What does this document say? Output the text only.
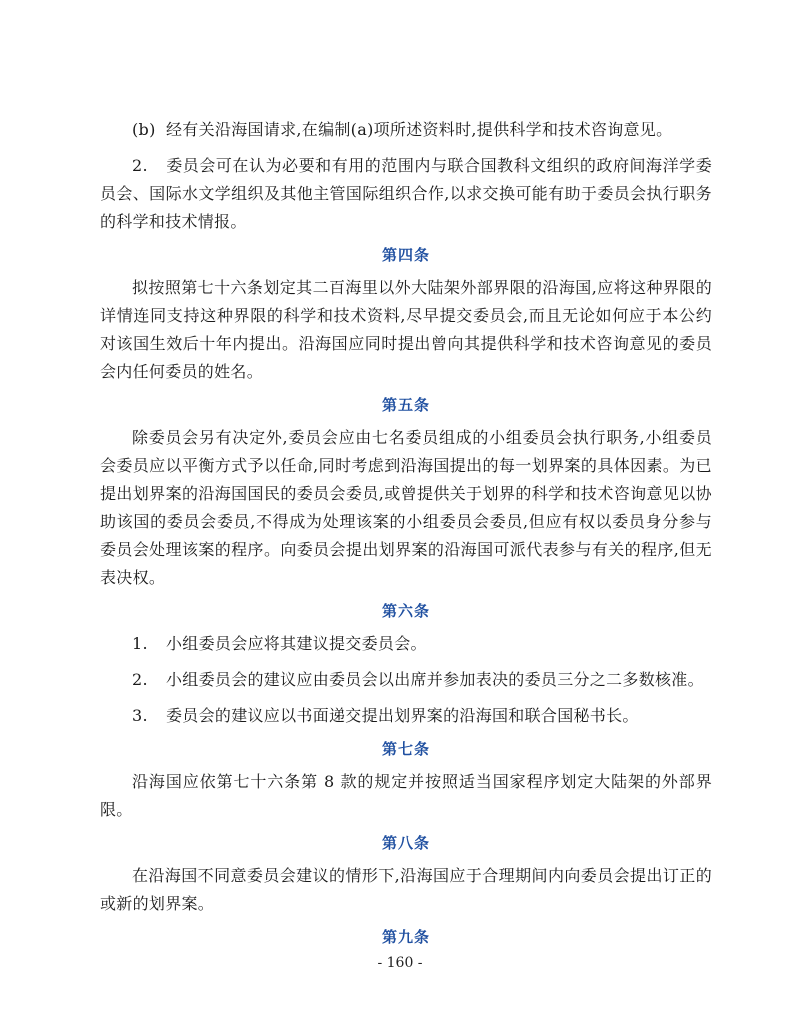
(b) 经有关沿海国请求,在编制(a)项所述资料时,提供科学和技术咨询意见。

2. 委员会可在认为必要和有用的范围内与联合国教科文组织的政府间海洋学委员会、国际水文学组织及其他主管国际组织合作,以求交换可能有助于委员会执行职务的科学和技术情报。

第四条

拟按照第七十六条划定其二百海里以外大陆架外部界限的沿海国,应将这种界限的详情连同支持这种界限的科学和技术资料,尽早提交委员会,而且无论如何应于本公约对该国生效后十年内提出。沿海国应同时提出曾向其提供科学和技术咨询意见的委员会内任何委员的姓名。

第五条

除委员会另有决定外,委员会应由七名委员组成的小组委员会执行职务,小组委员会委员应以平衡方式予以任命,同时考虑到沿海国提出的每一划界案的具体因素。为已提出划界案的沿海国国民的委员会委员,或曾提供关于划界的科学和技术咨询意见以协助该国的委员会委员,不得成为处理该案的小组委员会委员,但应有权以委员身分参与委员会处理该案的程序。向委员会提出划界案的沿海国可派代表参与有关的程序,但无表决权。

第六条

1. 小组委员会应将其建议提交委员会。

2. 小组委员会的建议应由委员会以出席并参加表决的委员三分之二多数核准。

3. 委员会的建议应以书面递交提出划界案的沿海国和联合国秘书长。

第七条

沿海国应依第七十六条第 8 款的规定并按照适当国家程序划定大陆架的外部界限。

第八条

在沿海国不同意委员会建议的情形下,沿海国应于合理期间内向委员会提出订正的或新的划界案。

第九条
- 160 -
